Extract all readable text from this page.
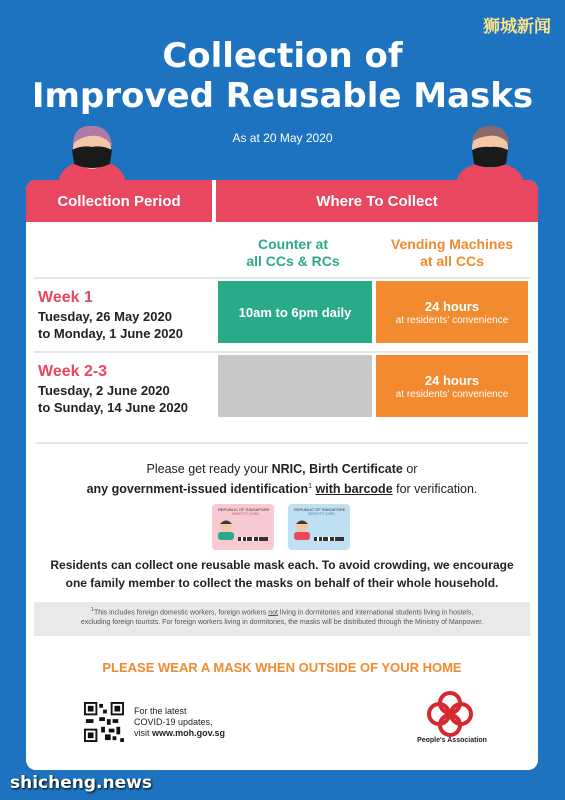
狮城新闻
Collection of
Improved Reusable Masks
As at 20 May 2020
Collection Period	Where To Collect
Counter at
all CCs & RCs
Vending Machines
at all CCs
Week 1
Tuesday, 26 May 2020
to Monday, 1 June 2020
10am to 6pm daily	24 hours
at residents' convenience
Week 2-3
Tuesday, 2 June 2020
to Sunday, 14 June 2020
24 hours
at residents' convenience
Please get ready your NRIC, Birth Certificate or
any government-issued identification$^1$ with barcode for verification.
REPUBLIC OF SINGAPORE
IDENTITY CARD
REPUBLIC OF SINGAPORE
IDENTITY CARD
Residents can collect one reusable mask each. To avoid crowding, we encourage
one family member to collect the masks on behalf of their whole household.
$^1$This includes foreign domestic workers, foreign workers not living in dormitories and international students living in hostels,
excluding foreign tourists. For foreign workers living in dormitories, the masks will be distributed through the Ministry of Manpower.
PLEASE WEAR A MASK WHEN OUTSIDE OF YOUR HOME
For the latest
COVID-19 updates,
visit www.moh.gov.sg
People's Association
shicheng.news
